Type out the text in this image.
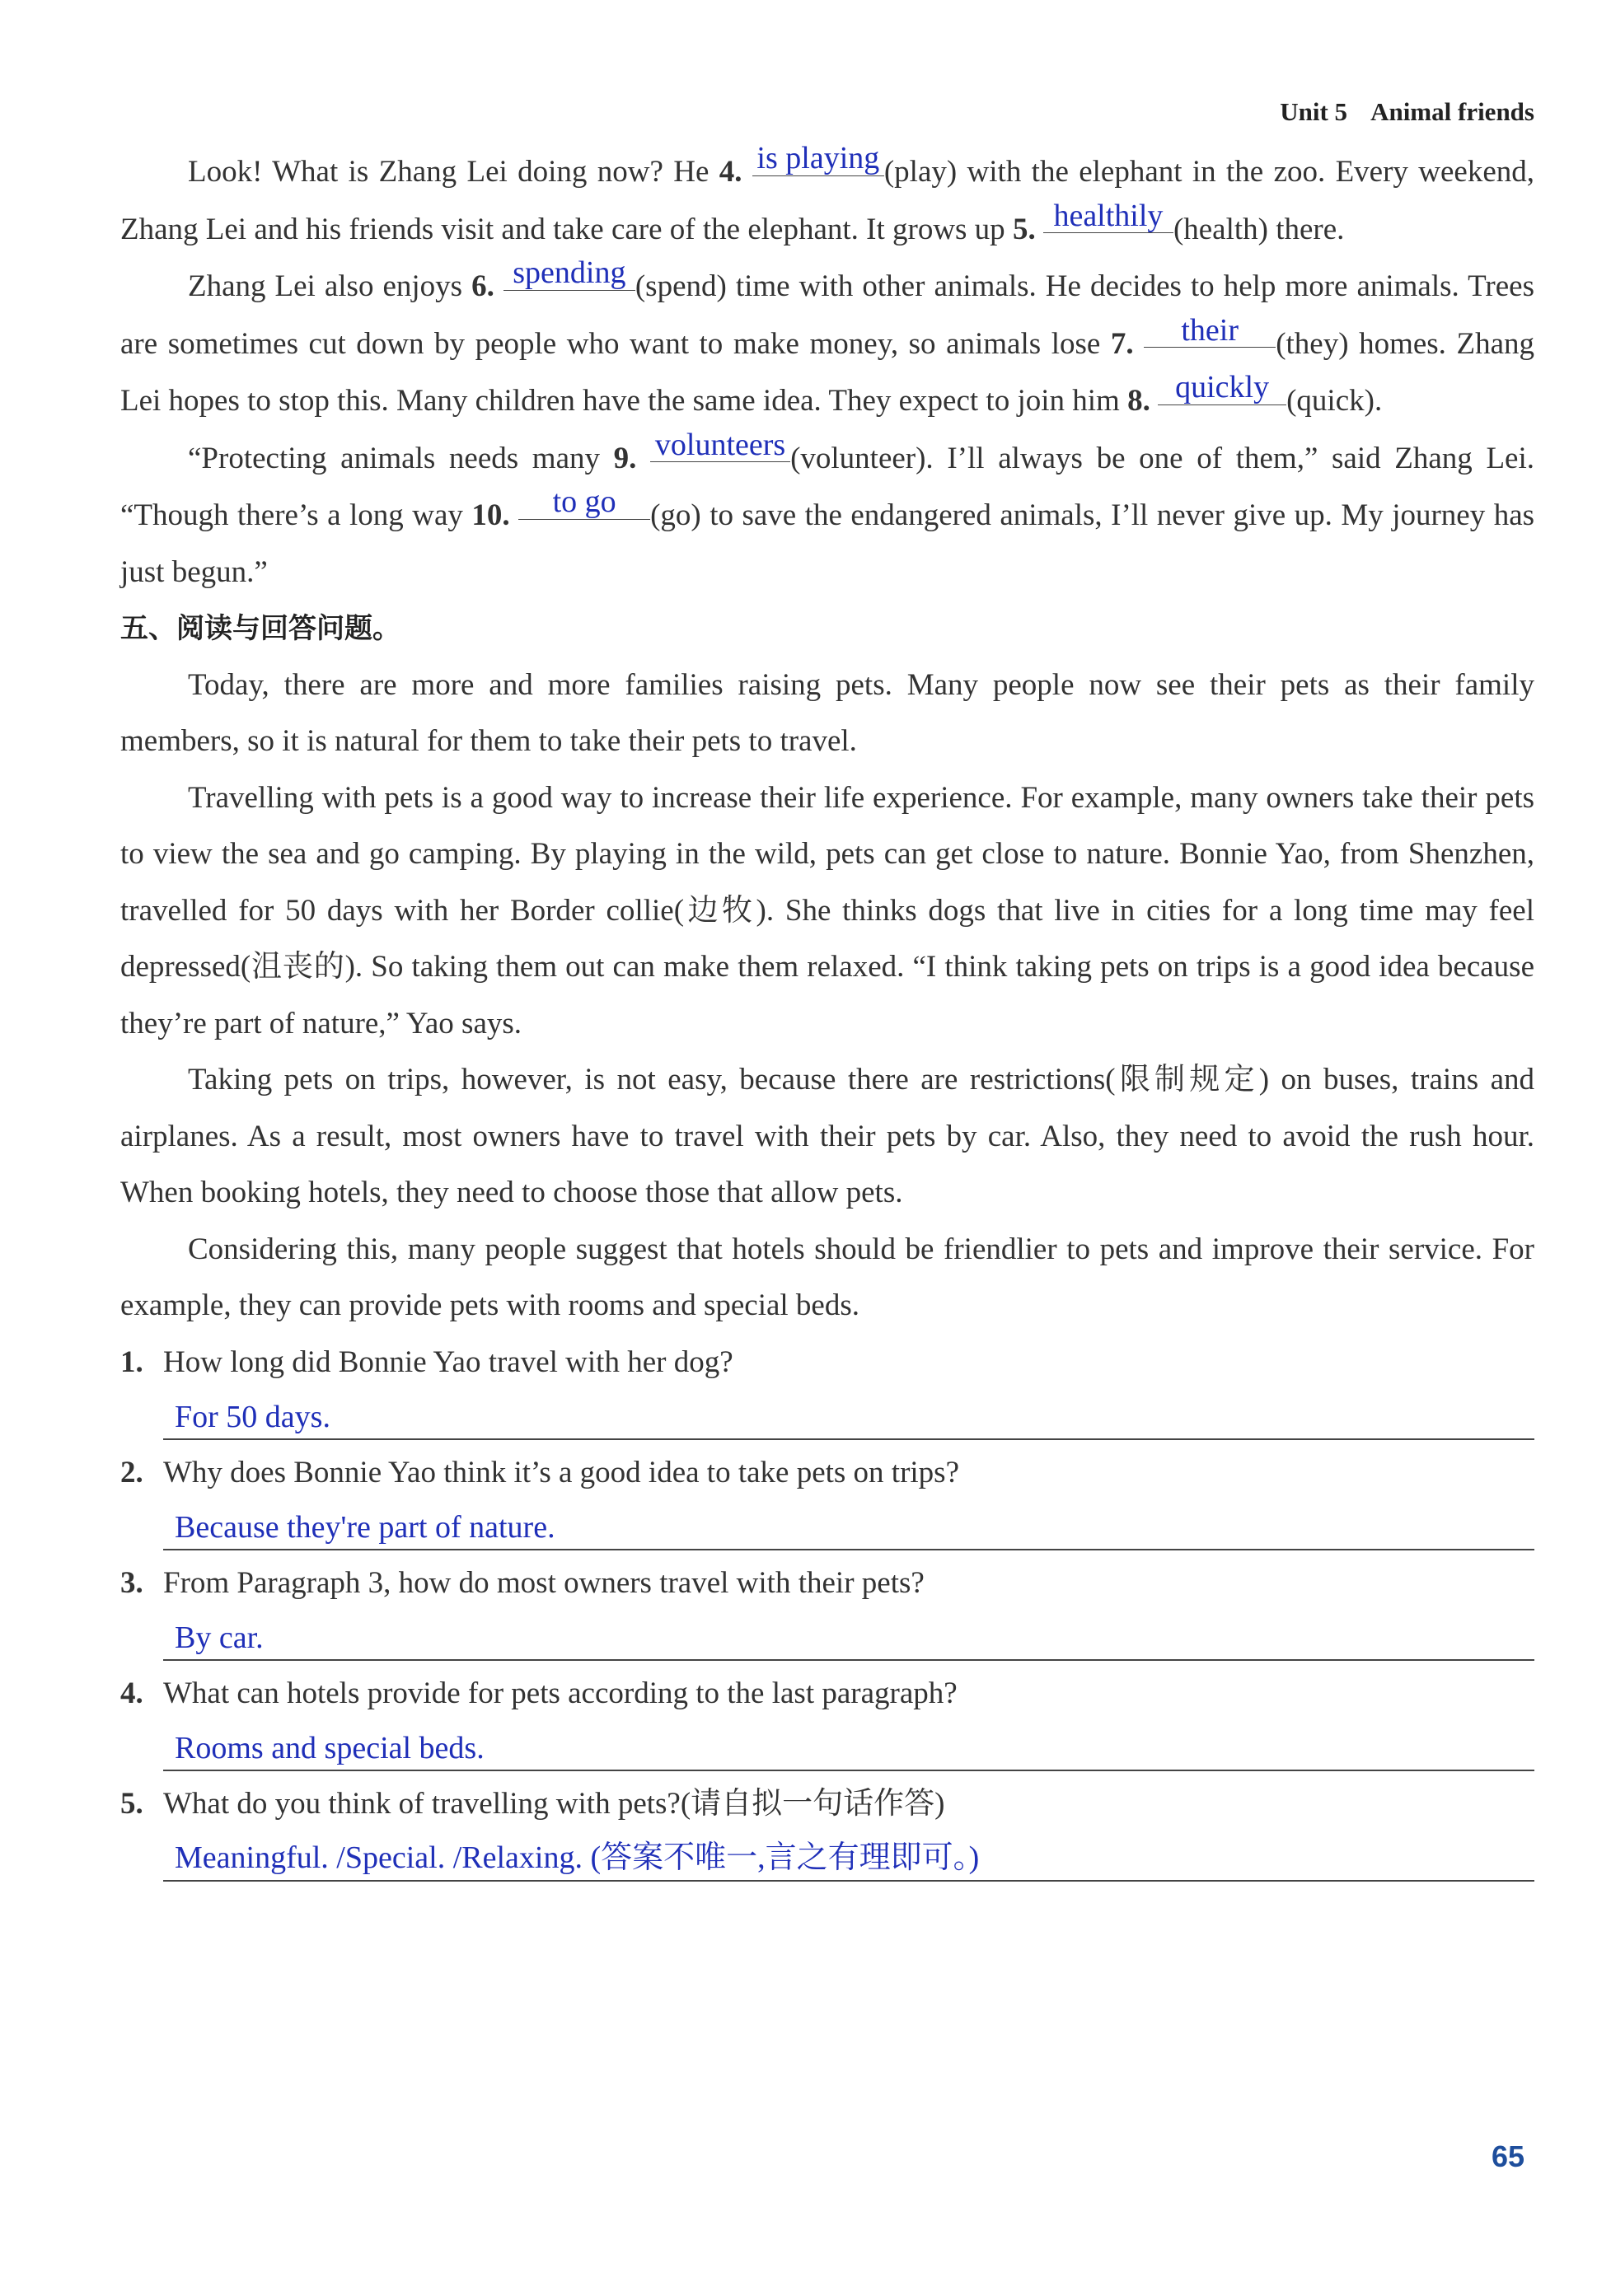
Unit 5 Animal friends

Look! What is Zhang Lei doing now? He 4. is playing (play) with the elephant in the zoo. Every weekend, Zhang Lei and his friends visit and take care of the elephant. It grows up 5. healthily (health) there.

Zhang Lei also enjoys 6. spending (spend) time with other animals. He decides to help more animals. Trees are sometimes cut down by people who want to make money, so animals lose 7. their (they) homes. Zhang Lei hopes to stop this. Many children have the same idea. They expect to join him 8. quickly (quick).

“Protecting animals needs many 9. volunteers (volunteer). I’ll always be one of them,” said Zhang Lei. “Though there’s a long way 10. to go (go) to save the endangered animals, I’ll never give up. My journey has just begun.”

五、阅读与回答问题。

Today, there are more and more families raising pets. Many people now see their pets as their family members, so it is natural for them to take their pets to travel.

Travelling with pets is a good way to increase their life experience. For example, many owners take their pets to view the sea and go camping. By playing in the wild, pets can get close to nature. Bonnie Yao, from Shenzhen, travelled for 50 days with her Border collie(边牧). She thinks dogs that live in cities for a long time may feel depressed(沮丧的). So taking them out can make them relaxed. “I think taking pets on trips is a good idea because they’re part of nature,” Yao says.

Taking pets on trips, however, is not easy, because there are restrictions(限制规定) on buses, trains and airplanes. As a result, most owners have to travel with their pets by car. Also, they need to avoid the rush hour. When booking hotels, they need to choose those that allow pets.

Considering this, many people suggest that hotels should be friendlier to pets and improve their service. For example, they can provide pets with rooms and special beds.

1. How long did Bonnie Yao travel with her dog?

For 50 days.

2. Why does Bonnie Yao think it’s a good idea to take pets on trips?

Because they're part of nature.

3. From Paragraph 3, how do most owners travel with their pets?

By car.

4. What can hotels provide for pets according to the last paragraph?

Rooms and special beds.

5. What do you think of travelling with pets?(请自拟一句话作答)

Meaningful. /Special. /Relaxing. (答案不唯一,言之有理即可。)
65
